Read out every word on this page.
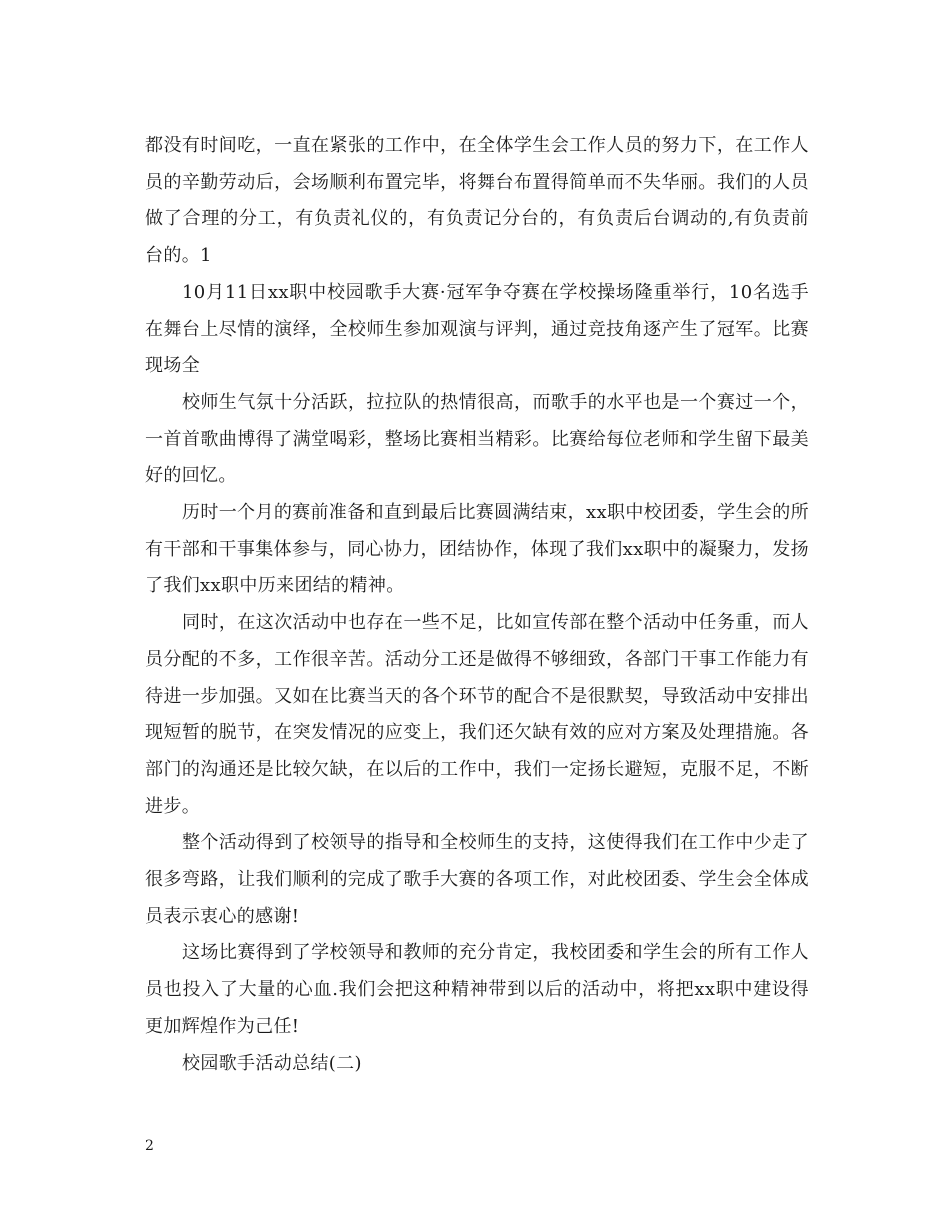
都没有时间吃，一直在紧张的工作中，在全体学生会工作人员的努力下，在工作人员的辛勤劳动后，会场顺利布置完毕，将舞台布置得简单而不失华丽。我们的人员做了合理的分工，有负责礼仪的，有负责记分台的，有负责后台调动的,有负责前台的。1

10月11日xx职中校园歌手大赛·冠军争夺赛在学校操场隆重举行，10名选手在舞台上尽情的演绎，全校师生参加观演与评判，通过竞技角逐产生了冠军。比赛现场全

校师生气氛十分活跃，拉拉队的热情很高，而歌手的水平也是一个赛过一个，一首首歌曲博得了满堂喝彩，整场比赛相当精彩。比赛给每位老师和学生留下最美好的回忆。

历时一个月的赛前准备和直到最后比赛圆满结束，xx职中校团委，学生会的所有干部和干事集体参与，同心协力，团结协作，体现了我们xx职中的凝聚力，发扬了我们xx职中历来团结的精神。

同时，在这次活动中也存在一些不足，比如宣传部在整个活动中任务重，而人员分配的不多，工作很辛苦。活动分工还是做得不够细致，各部门干事工作能力有待进一步加强。又如在比赛当天的各个环节的配合不是很默契，导致活动中安排出现短暂的脱节，在突发情况的应变上，我们还欠缺有效的应对方案及处理措施。各部门的沟通还是比较欠缺，在以后的工作中，我们一定扬长避短，克服不足，不断进步。

整个活动得到了校领导的指导和全校师生的支持，这使得我们在工作中少走了很多弯路，让我们顺利的完成了歌手大赛的各项工作，对此校团委、学生会全体成员表示衷心的感谢!

这场比赛得到了学校领导和教师的充分肯定，我校团委和学生会的所有工作人员也投入了大量的心血.我们会把这种精神带到以后的活动中，将把xx职中建设得更加辉煌作为己任!

校园歌手活动总结(二)

2
